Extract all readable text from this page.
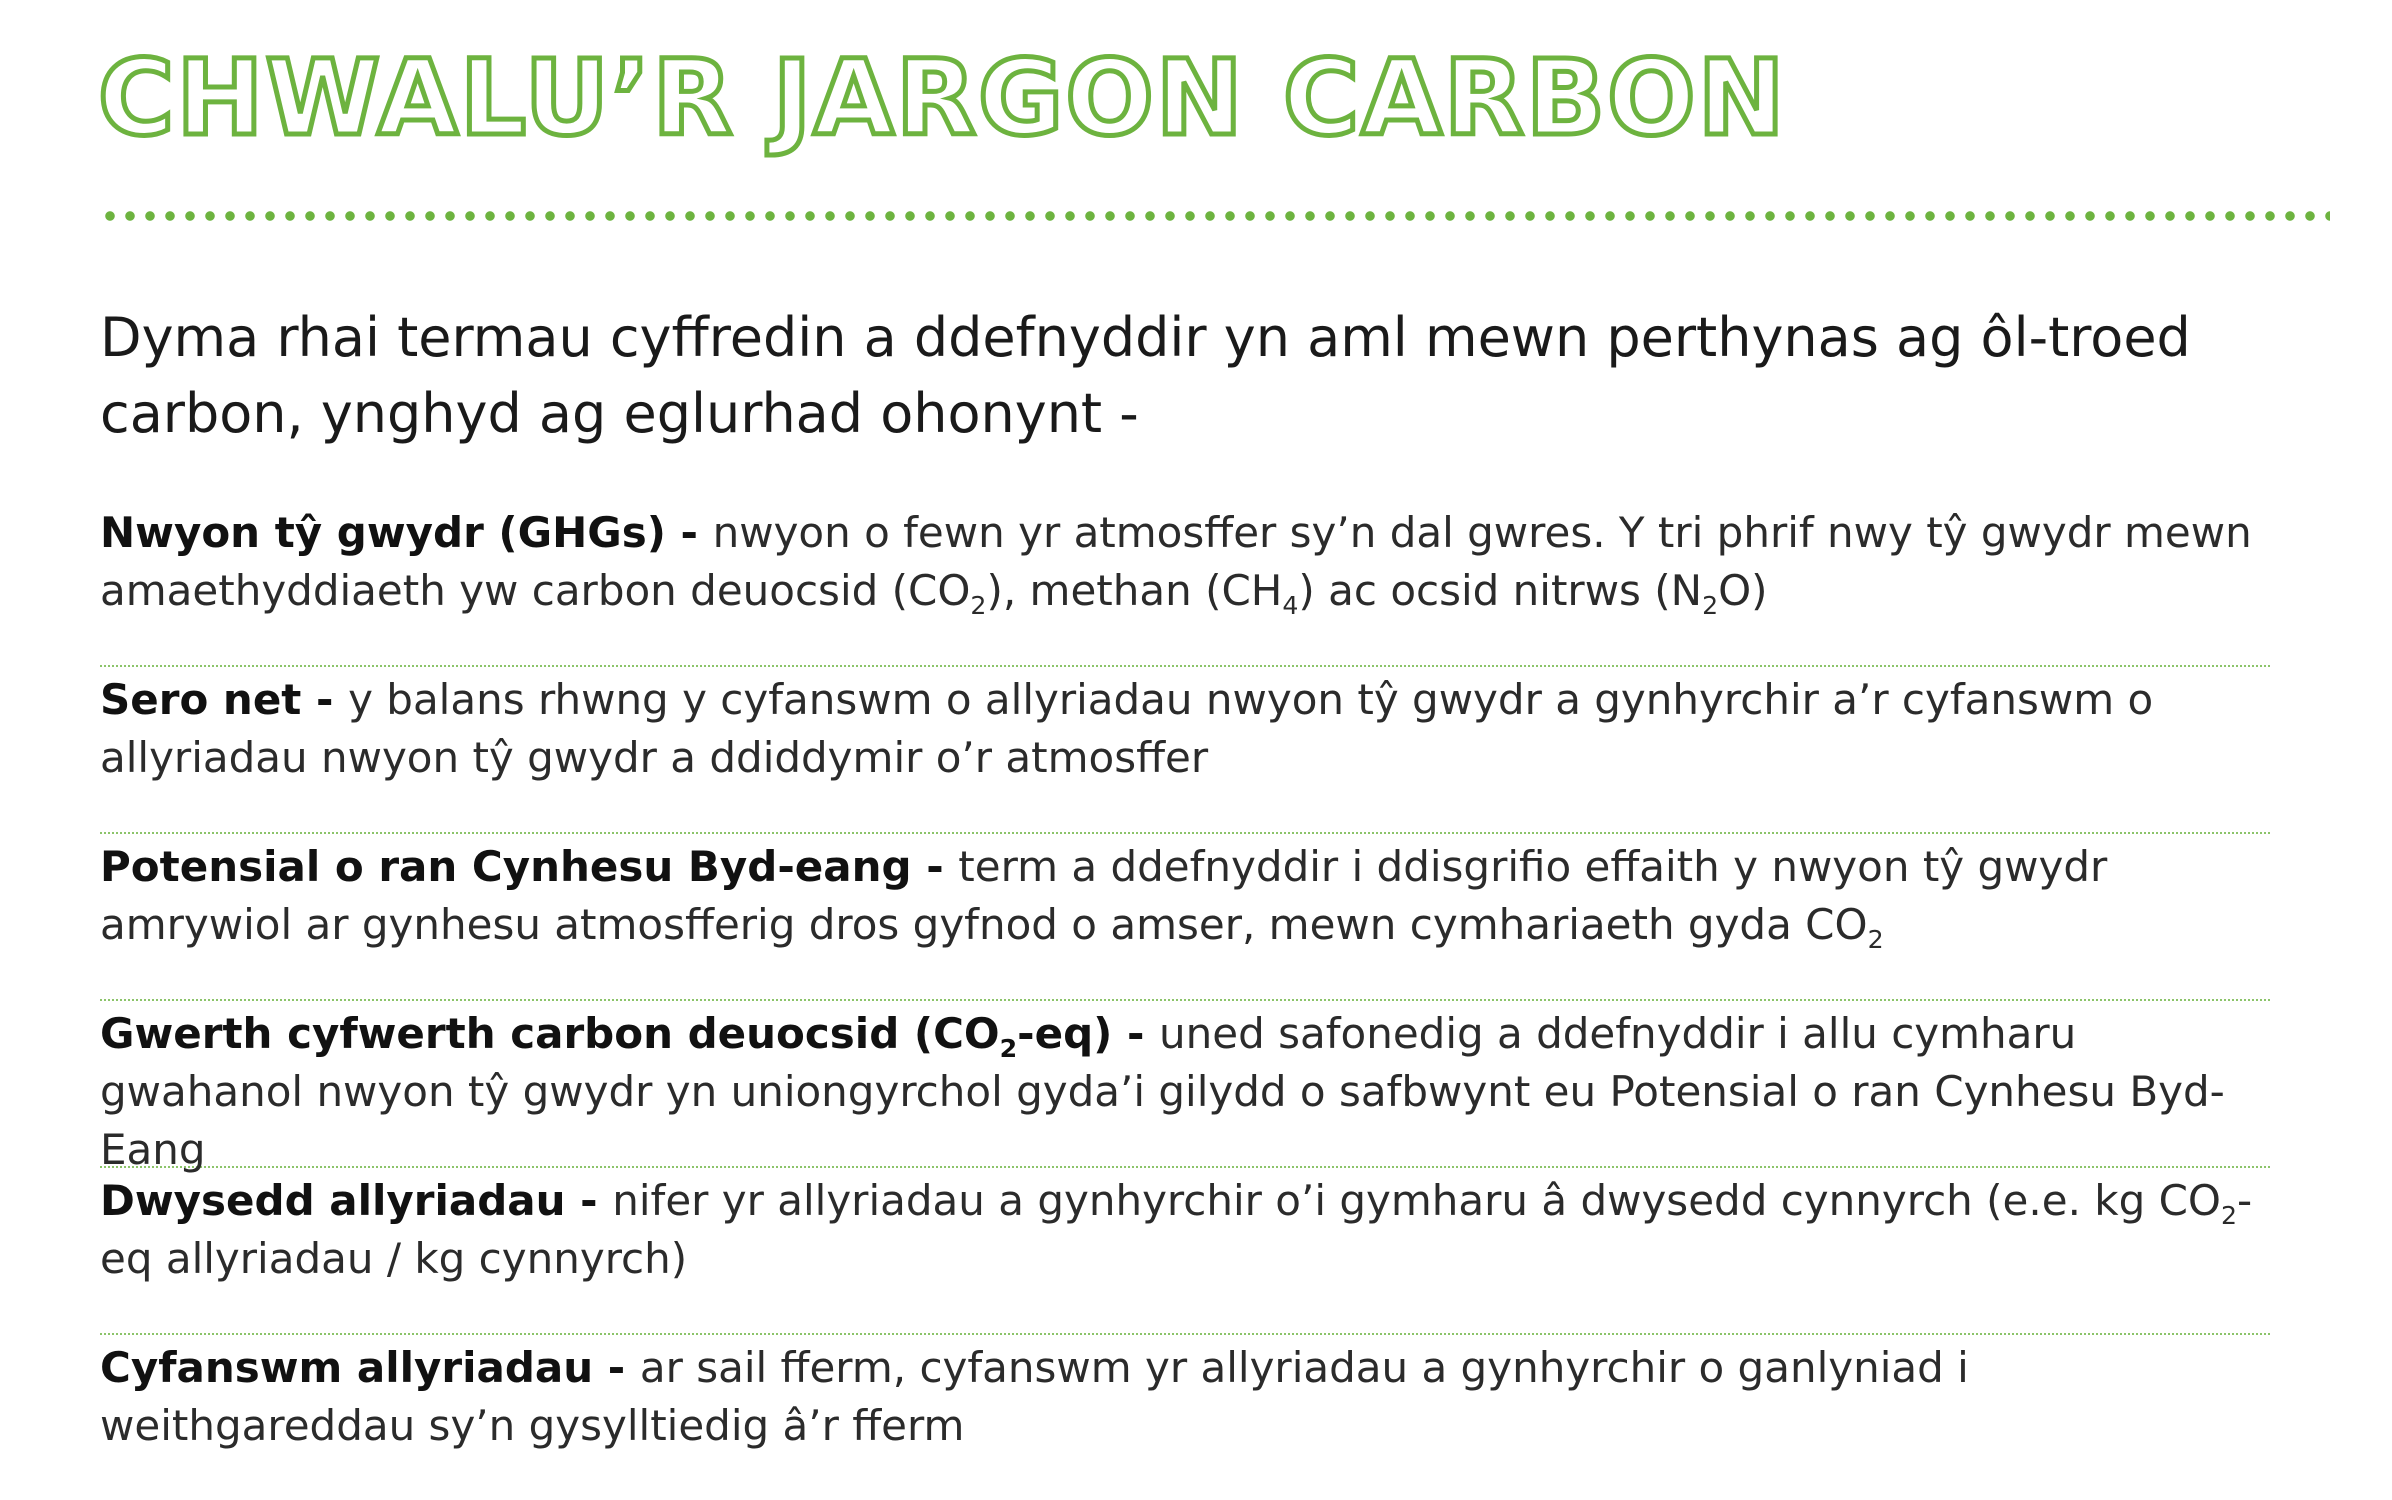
CHWALU’R JARGON CARBON

Dyma rhai termau cyffredin a ddefnyddir yn aml mewn perthynas ag ôl-troed carbon, ynghyd ag eglurhad ohonynt -

Nwyon tŷ gwydr (GHGs) - nwyon o fewn yr atmosffer sy’n dal gwres. Y tri phrif nwy tŷ gwydr mewn amaethyddiaeth yw carbon deuocsid $(CO_2)$, methan $(CH_4)$ ac ocsid nitrws $(N_2O)$
Sero net - y balans rhwng y cyfanswm o allyriadau nwyon tŷ gwydr a gynhyrchir a’r cyfanswm o allyriadau nwyon tŷ gwydr a ddiddymir o’r atmosffer
Potensial o ran Cynhesu Byd-eang - term a ddefnyddir i ddisgrifio effaith y nwyon tŷ gwydr amrywiol ar gynhesu atmosfferig dros gyfnod o amser, mewn cymhariaeth gyda $CO_2$
Gwerth cyfwerth carbon deuocsid $(CO_2-eq)$ - uned safonedig a ddefnyddir i allu cymharu gwahanol nwyon tŷ gwydr yn uniongyrchol gyda’i gilydd o safbwynt eu Potensial o ran Cynhesu Byd-Eang
Dwysedd allyriadau - nifer yr allyriadau a gynhyrchir o’i gymharu â dwysedd cynnyrch (e.e. kg $CO_2-eq$ allyriadau / kg cynnyrch)
Cyfanswm allyriadau - ar sail fferm, cyfanswm yr allyriadau a gynhyrchir o ganlyniad i weithgareddau sy’n gysylltiedig â’r fferm
